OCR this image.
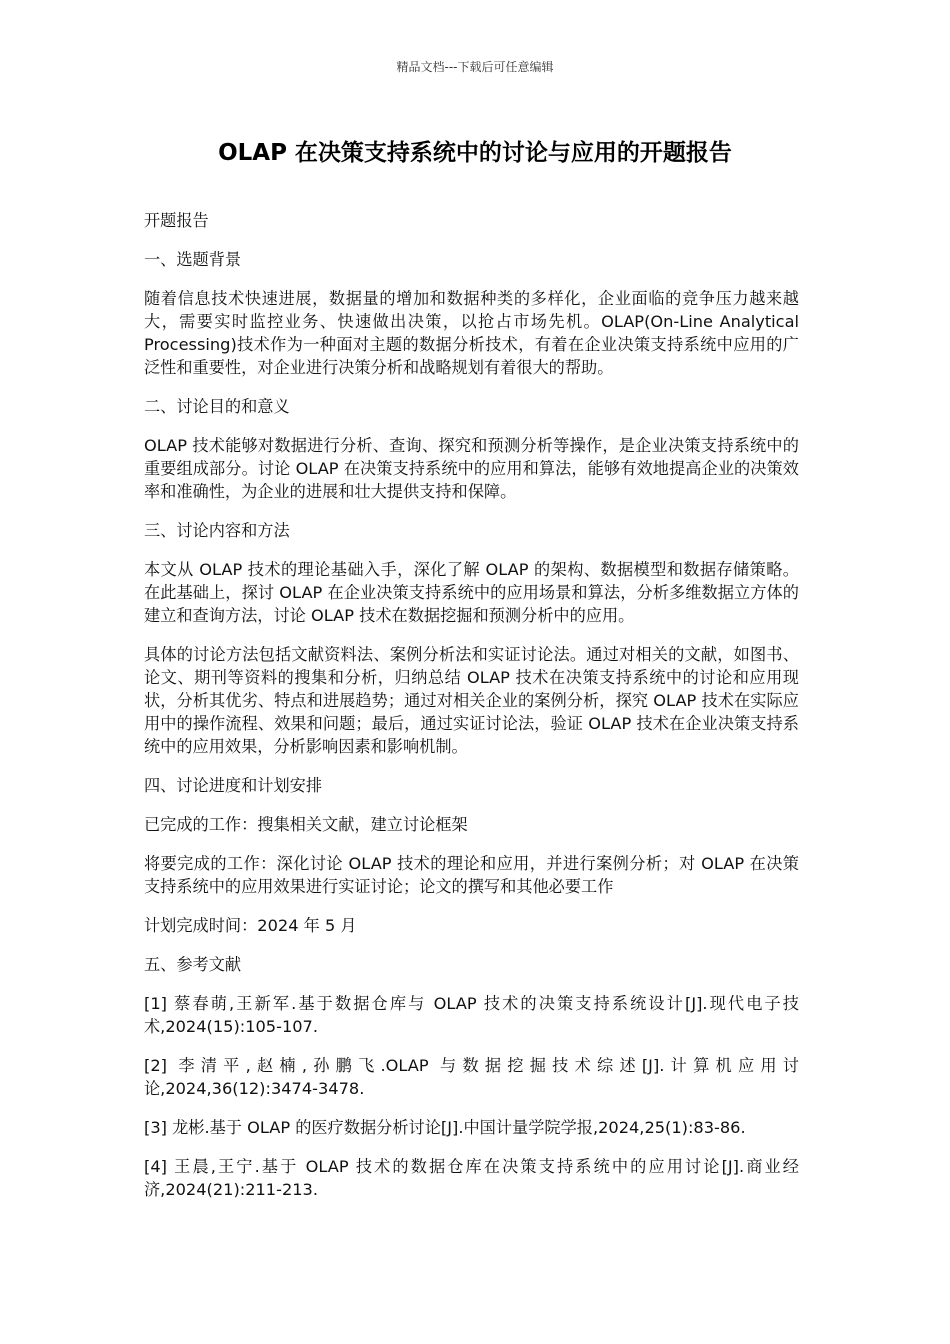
精品文档---下载后可任意编辑
OLAP 在决策支持系统中的讨论与应用的开题报告

开题报告

一、选题背景

随着信息技术快速进展，数据量的增加和数据种类的多样化，企业面临的竞争压力越来越大，需要实时监控业务、快速做出决策，以抢占市场先机。OLAP(On-Line Analytical Processing)技术作为一种面对主题的数据分析技术，有着在企业决策支持系统中应用的广泛性和重要性，对企业进行决策分析和战略规划有着很大的帮助。

二、讨论目的和意义

OLAP 技术能够对数据进行分析、查询、探究和预测分析等操作，是企业决策支持系统中的重要组成部分。讨论 OLAP 在决策支持系统中的应用和算法，能够有效地提高企业的决策效率和准确性，为企业的进展和壮大提供支持和保障。

三、讨论内容和方法

本文从 OLAP 技术的理论基础入手，深化了解 OLAP 的架构、数据模型和数据存储策略。在此基础上，探讨 OLAP 在企业决策支持系统中的应用场景和算法，分析多维数据立方体的建立和查询方法，讨论 OLAP 技术在数据挖掘和预测分析中的应用。

具体的讨论方法包括文献资料法、案例分析法和实证讨论法。通过对相关的文献，如图书、论文、期刊等资料的搜集和分析，归纳总结 OLAP 技术在决策支持系统中的讨论和应用现状，分析其优劣、特点和进展趋势；通过对相关企业的案例分析，探究 OLAP 技术在实际应用中的操作流程、效果和问题；最后，通过实证讨论法，验证 OLAP 技术在企业决策支持系统中的应用效果，分析影响因素和影响机制。

四、讨论进度和计划安排

已完成的工作：搜集相关文献，建立讨论框架

将要完成的工作：深化讨论 OLAP 技术的理论和应用，并进行案例分析；对 OLAP 在决策支持系统中的应用效果进行实证讨论；论文的撰写和其他必要工作

计划完成时间：2024 年 5 月

五、参考文献

[1] 蔡春萌,王新军.基于数据仓库与 OLAP 技术的决策支持系统设计[J].现代电子技术,2024(15):105-107.

[2] 李清平,赵楠,孙鹏飞.OLAP 与数据挖掘技术综述[J].计算机应用讨论,2024,36(12):3474-3478.

[3] 龙彬.基于 OLAP 的医疗数据分析讨论[J].中国计量学院学报,2024,25(1):83-86.

[4] 王晨,王宁.基于 OLAP 技术的数据仓库在决策支持系统中的应用讨论[J].商业经济,2024(21):211-213.
